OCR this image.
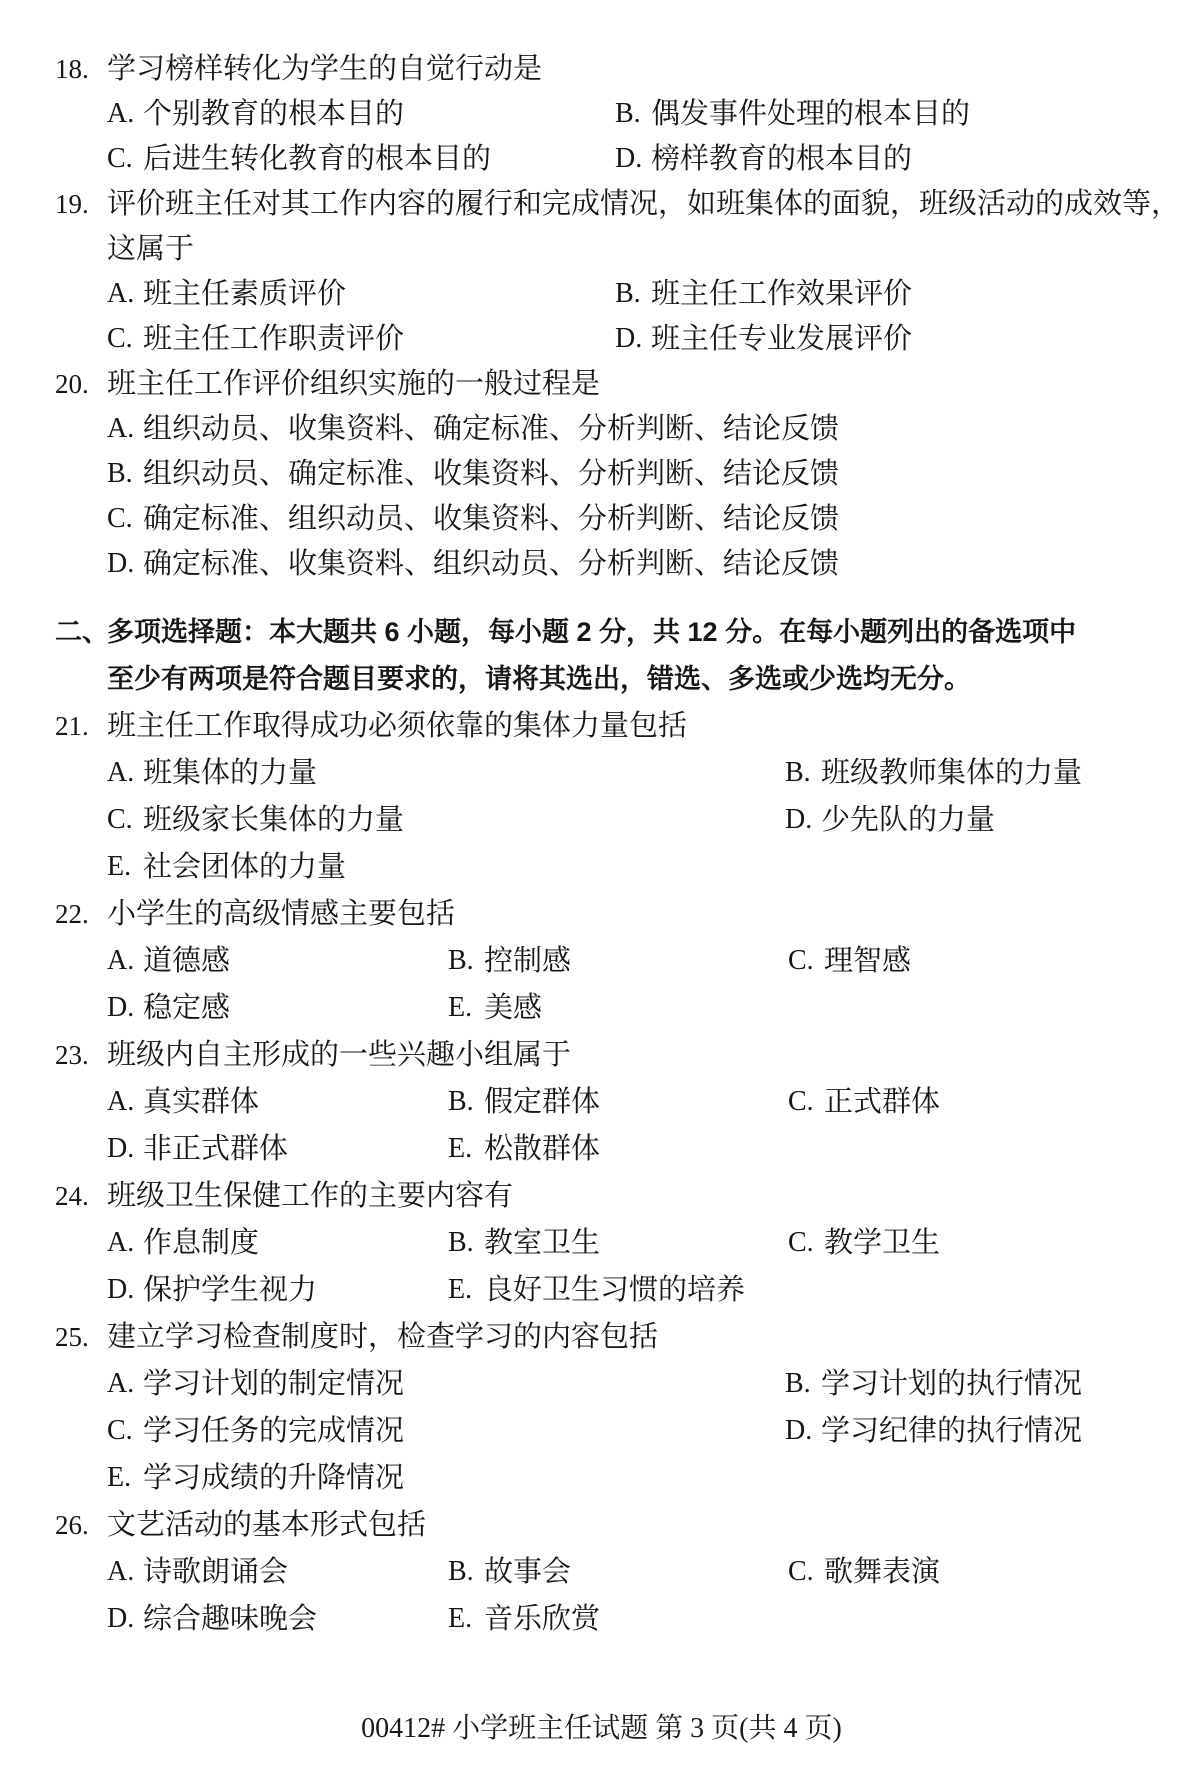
18. 学习榜样转化为学生的自觉行动是
A. 个别教育的根本目的	B. 偶发事件处理的根本目的
C. 后进生转化教育的根本目的	D. 榜样教育的根本目的
19. 评价班主任对其工作内容的履行和完成情况，如班集体的面貌，班级活动的成效等，
这属于
A. 班主任素质评价	B. 班主任工作效果评价
C. 班主任工作职责评价	D. 班主任专业发展评价
20. 班主任工作评价组织实施的一般过程是
A. 组织动员、收集资料、确定标准、分析判断、结论反馈
B. 组织动员、确定标准、收集资料、分析判断、结论反馈
C. 确定标准、组织动员、收集资料、分析判断、结论反馈
D. 确定标准、收集资料、组织动员、分析判断、结论反馈
二、
多项选择题：本大题共 6 小题，每小题 2 分，共 12 分。在每小题列出的备选项中
至少有两项是符合题目要求的，请将其选出，错选、多选或少选均无分。
21. 班主任工作取得成功必须依靠的集体力量包括
A. 班集体的力量	B. 班级教师集体的力量
C. 班级家长集体的力量	D. 少先队的力量
E. 社会团体的力量
22. 小学生的高级情感主要包括
A. 道德感	B. 控制感	C. 理智感
D. 稳定感	E. 美感
23. 班级内自主形成的一些兴趣小组属于
A. 真实群体	B. 假定群体	C. 正式群体
D. 非正式群体	E. 松散群体
24. 班级卫生保健工作的主要内容有
A. 作息制度	B. 教室卫生	C. 教学卫生
D. 保护学生视力	E. 良好卫生习惯的培养
25. 建立学习检查制度时，检查学习的内容包括
A. 学习计划的制定情况	B. 学习计划的执行情况
C. 学习任务的完成情况	D. 学习纪律的执行情况
E. 学习成绩的升降情况
26. 文艺活动的基本形式包括
A. 诗歌朗诵会	B. 故事会	C. 歌舞表演
D. 综合趣味晚会	E. 音乐欣赏
00412# 小学班主任试题 第 3 页(共 4 页)
